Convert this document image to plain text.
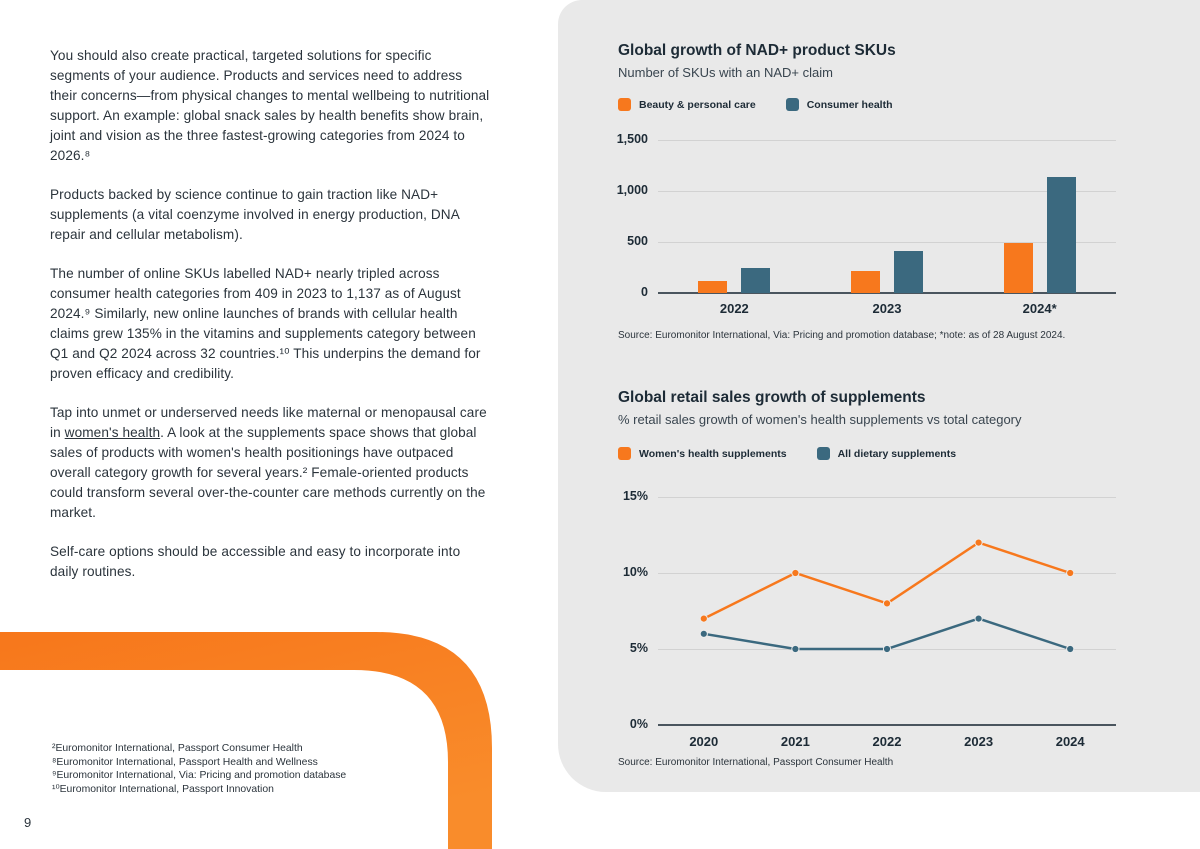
You should also create practical, targeted solutions for specific segments of your audience. Products and services need to address their concerns—from physical changes to mental wellbeing to nutritional support. An example: global snack sales by health benefits show brain, joint and vision as the three fastest-growing categories from 2024 to 2026.⁸

Products backed by science continue to gain traction like NAD+ supplements (a vital coenzyme involved in energy production, DNA repair and cellular metabolism).

The number of online SKUs labelled NAD+ nearly tripled across consumer health categories from 409 in 2023 to 1,137 as of August 2024.⁹ Similarly, new online launches of brands with cellular health claims grew 135% in the vitamins and supplements category between Q1 and Q2 2024 across 32 countries.¹⁰ This underpins the demand for proven efficacy and credibility.

Tap into unmet or underserved needs like maternal or menopausal care in women's health. A look at the supplements space shows that global sales of products with women's health positionings have outpaced overall category growth for several years.² Female-oriented products could transform several over-the-counter care methods currently on the market.

Self-care options should be accessible and easy to incorporate into daily routines.

²Euromonitor International, Passport Consumer Health
⁸Euromonitor International, Passport Health and Wellness
⁹Euromonitor International, Via: Pricing and promotion database
¹⁰Euromonitor International, Passport Innovation
9
Global growth of NAD+ product SKUs
Number of SKUs with an NAD+ claim
Beauty & personal care	Consumer health
1,500
1,000
500
0
2022	2023	2024*
Source: Euromonitor International, Via: Pricing and promotion database; *note: as of 28 August 2024.
Global retail sales growth of supplements
% retail sales growth of women's health supplements vs total category
Women's health supplements	All dietary supplements
15%
10%
5%
0%
2020	2021	2022	2023	2024
Source: Euromonitor International, Passport Consumer Health
